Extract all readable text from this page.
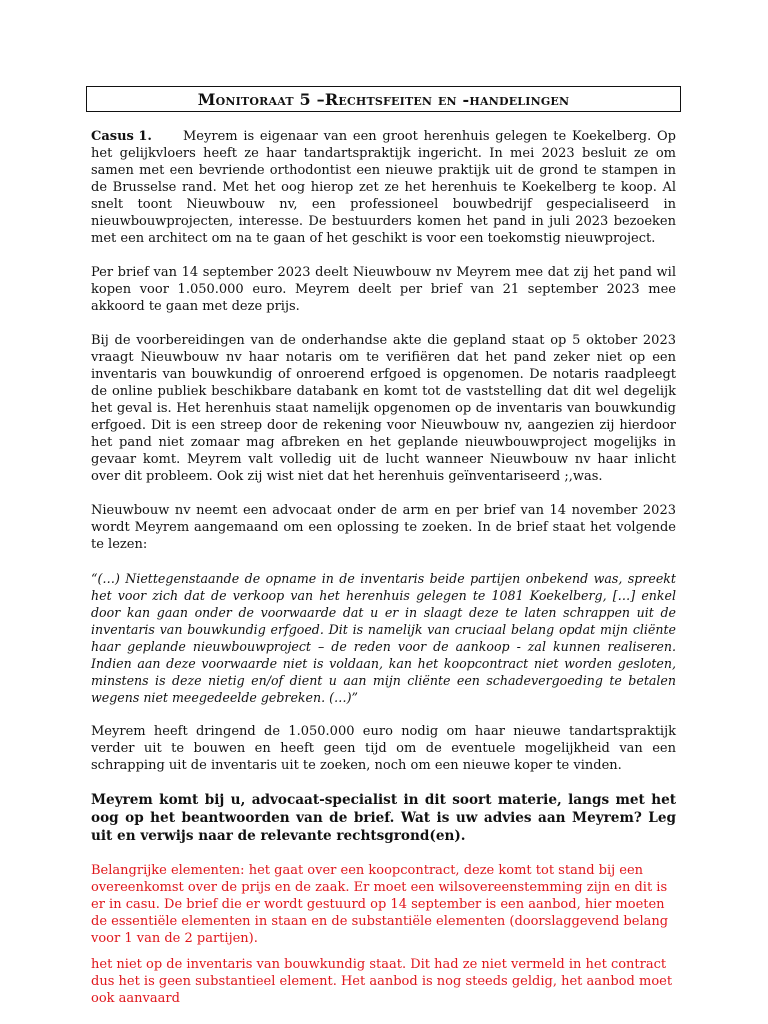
Monitoraat 5 – Rechtsfeiten en -handelingen

Casus 1. Meyrem is eigenaar van een groot herenhuis gelegen te Koekelberg. Op het gelijkvloers heeft ze haar tandartspraktijk ingericht. In mei 2023 besluit ze om samen met een bevriende orthodontist een nieuwe praktijk uit de grond te stampen in de Brusselse rand. Met het oog hierop zet ze het herenhuis te Koekelberg te koop. Al snelt toont Nieuwbouw nv, een professioneel bouwbedrijf gespecialiseerd in nieuwbouwprojecten, interesse. De bestuurders komen het pand in juli 2023 bezoeken met een architect om na te gaan of het geschikt is voor een toekomstig nieuwproject.

Per brief van 14 september 2023 deelt Nieuwbouw nv Meyrem mee dat zij het pand wil kopen voor 1.050.000 euro. Meyrem deelt per brief van 21 september 2023 mee akkoord te gaan met deze prijs.

Bij de voorbereidingen van de onderhandse akte die gepland staat op 5 oktober 2023 vraagt Nieuwbouw nv haar notaris om te verifiëren dat het pand zeker niet op een inventaris van bouwkundig of onroerend erfgoed is opgenomen. De notaris raadpleegt de online publiek beschikbare databank en komt tot de vaststelling dat dit wel degelijk het geval is. Het herenhuis staat namelijk opgenomen op de inventaris van bouwkundig erfgoed. Dit is een streep door de rekening voor Nieuwbouw nv, aangezien zij hierdoor het pand niet zomaar mag afbreken en het geplande nieuwbouwproject mogelijks in gevaar komt. Meyrem valt volledig uit de lucht wanneer Nieuwbouw nv haar inlicht over dit probleem. Ook zij wist niet dat het herenhuis geïnventariseerd ;,was.

Nieuwbouw nv neemt een advocaat onder de arm en per brief van 14 november 2023 wordt Meyrem aangemaand om een oplossing te zoeken. In de brief staat het volgende te lezen:

“(…) Niettegenstaande de opname in de inventaris beide partijen onbekend was, spreekt het voor zich dat de verkoop van het herenhuis gelegen te 1081 Koekelberg, […] enkel door kan gaan onder de voorwaarde dat u er in slaagt deze te laten schrappen uit de inventaris van bouwkundig erfgoed. Dit is namelijk van cruciaal belang opdat mijn cliënte haar geplande nieuwbouwproject – de reden voor de aankoop - zal kunnen realiseren. Indien aan deze voorwaarde niet is voldaan, kan het koopcontract niet worden gesloten, minstens is deze nietig en/of dient u aan mijn cliënte een schadevergoeding te betalen wegens niet meegedeelde gebreken. (…)”

Meyrem heeft dringend de 1.050.000 euro nodig om haar nieuwe tandartspraktijk verder uit te bouwen en heeft geen tijd om de eventuele mogelijkheid van een schrapping uit de inventaris uit te zoeken, noch om een nieuwe koper te vinden.

Meyrem komt bij u, advocaat-specialist in dit soort materie, langs met het oog op het beantwoorden van de brief. Wat is uw advies aan Meyrem? Leg uit en verwijs naar de relevante rechtsgrond(en).

Belangrijke elementen: het gaat over een koopcontract, deze komt tot stand bij een overeenkomst over de prijs en de zaak. Er moet een wilsovereenstemming zijn en dit is er in casu. De brief die er wordt gestuurd op 14 september is een aanbod, hier moeten de essentiële elementen in staan en de substantiële elementen (doorslaggevend belang voor 1 van de 2 partijen).

het niet op de inventaris van bouwkundig staat. Dit had ze niet vermeld in het contract dus het is geen substantieel element. Het aanbod is nog steeds geldig, het aanbod moet ook aanvaard
